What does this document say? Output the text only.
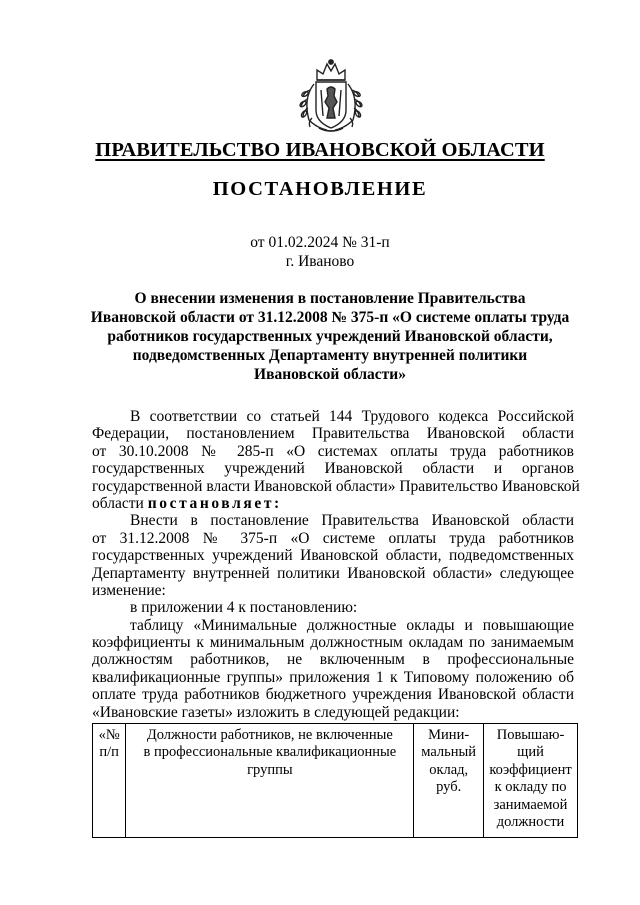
ПРАВИТЕЛЬСТВО ИВАНОВСКОЙ ОБЛАСТИ
ПОСТАНОВЛЕНИЕ
от 01.02.2024 № 31-п
г. Иваново
О внесении изменения в постановление Правительства
Ивановской области от 31.12.2008 № 375-п «О системе оплаты труда
работников государственных учреждений Ивановской области,
подведомственных Департаменту внутренней политики
Ивановской области»
В соответствии со статьей 144 Трудового кодекса Российской
Федерации, постановлением Правительства Ивановской области
от 30.10.2008 № 285-п «О системах оплаты труда работников
государственных учреждений Ивановской области и органов
государственной власти Ивановской области» Правительство Ивановской
области постановляет:
Внести в постановление Правительства Ивановской области
от 31.12.2008 № 375-п «О системе оплаты труда работников
государственных учреждений Ивановской области, подведомственных
Департаменту внутренней политики Ивановской области» следующее
изменение:
в приложении 4 к постановлению:
таблицу «Минимальные должностные оклады и повышающие
коэффициенты к минимальным должностным окладам по занимаемым
должностям работников, не включенным в профессиональные
квалификационные группы» приложения 1 к Типовому положению об
оплате труда работников бюджетного учреждения Ивановской области
«Ивановские газеты» изложить в следующей редакции:
«№
п/п

Должности работников, не включенные
в профессиональные квалификационные
группы

Мини-
мальный
оклад,
руб.

Повышаю-
щий
коэффициент
к окладу по
занимаемой
должности
